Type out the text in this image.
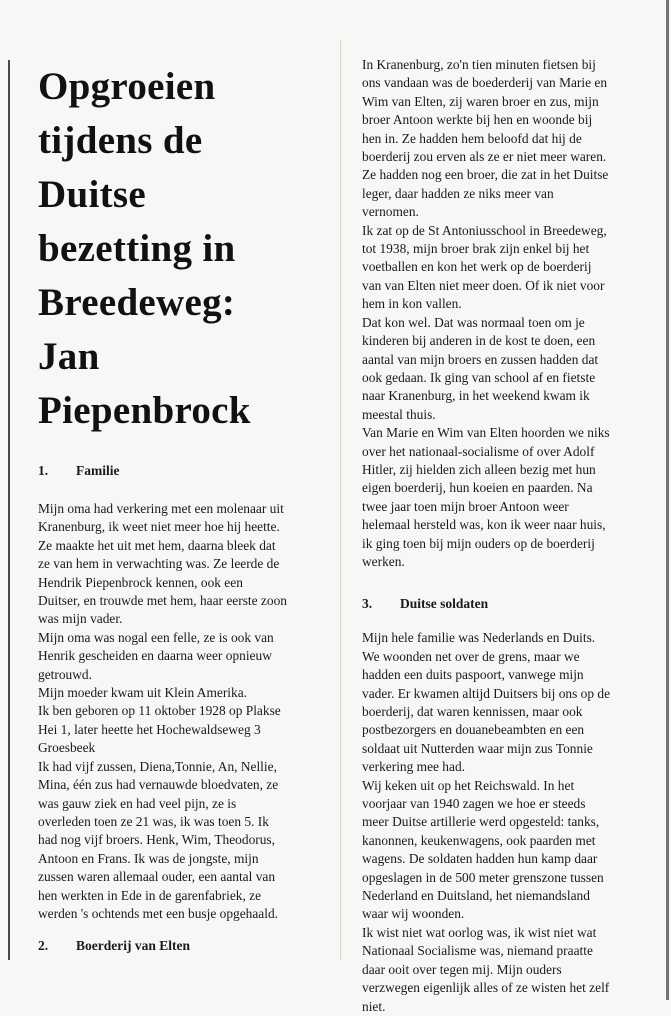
Opgroeien
tijdens de
Duitse
bezetting in
Breedeweg:
Jan
Piepenbrock
1. Familie
Mijn oma had verkering met een molenaar uit
Kranenburg, ik weet niet meer hoe hij heette.
Ze maakte het uit met hem, daarna bleek dat
ze van hem in verwachting was. Ze leerde de
Hendrik Piepenbrock kennen, ook een
Duitser, en trouwde met hem, haar eerste zoon
was mijn vader.
Mijn oma was nogal een felle, ze is ook van
Henrik gescheiden en daarna weer opnieuw
getrouwd.
Mijn moeder kwam uit Klein Amerika.
Ik ben geboren op 11 oktober 1928 op Plakse
Hei 1, later heette het Hochewaldseweg 3
Groesbeek
Ik had vijf zussen, Diena,Tonnie, An, Nellie,
Mina, één zus had vernauwde bloedvaten, ze
was gauw ziek en had veel pijn, ze is
overleden toen ze 21 was, ik was toen 5. Ik
had nog vijf broers. Henk, Wim, Theodorus,
Antoon en Frans. Ik was de jongste, mijn
zussen waren allemaal ouder, een aantal van
hen werkten in Ede in de garenfabriek, ze
werden 's ochtends met een busje opgehaald.
2. Boerderij van Elten
In Kranenburg, zo'n tien minuten fietsen bij
ons vandaan was de boederderij van Marie en
Wim van Elten, zij waren broer en zus, mijn
broer Antoon werkte bij hen en woonde bij
hen in. Ze hadden hem beloofd dat hij de
boerderij zou erven als ze er niet meer waren.
Ze hadden nog een broer, die zat in het Duitse
leger, daar hadden ze niks meer van
vernomen.
Ik zat op de St Antoniusschool in Breedeweg,
tot 1938, mijn broer brak zijn enkel bij het
voetballen en kon het werk op de boerderij
van van Elten niet meer doen. Of ik niet voor
hem in kon vallen.
Dat kon wel. Dat was normaal toen om je
kinderen bij anderen in de kost te doen, een
aantal van mijn broers en zussen hadden dat
ook gedaan. Ik ging van school af en fietste
naar Kranenburg, in het weekend kwam ik
meestal thuis.
Van Marie en Wim van Elten hoorden we niks
over het nationaal-socialisme of over Adolf
Hitler, zij hielden zich alleen bezig met hun
eigen boerderij, hun koeien en paarden. Na
twee jaar toen mijn broer Antoon weer
helemaal hersteld was, kon ik weer naar huis,
ik ging toen bij mijn ouders op de boerderij
werken.
3. Duitse soldaten
Mijn hele familie was Nederlands en Duits.
We woonden net over de grens, maar we
hadden een duits paspoort, vanwege mijn
vader. Er kwamen altijd Duitsers bij ons op de
boerderij, dat waren kennissen, maar ook
postbezorgers en douanebeambten en een
soldaat uit Nutterden waar mijn zus Tonnie
verkering mee had.
Wij keken uit op het Reichswald. In het
voorjaar van 1940 zagen we hoe er steeds
meer Duitse artillerie werd opgesteld: tanks,
kanonnen, keukenwagens, ook paarden met
wagens. De soldaten hadden hun kamp daar
opgeslagen in de 500 meter grenszone tussen
Nederland en Duitsland, het niemandsland
waar wij woonden.
Ik wist niet wat oorlog was, ik wist niet wat
Nationaal Socialisme was, niemand praatte
daar ooit over tegen mij. Mijn ouders
verzwegen eigenlijk alles of ze wisten het zelf
niet.
